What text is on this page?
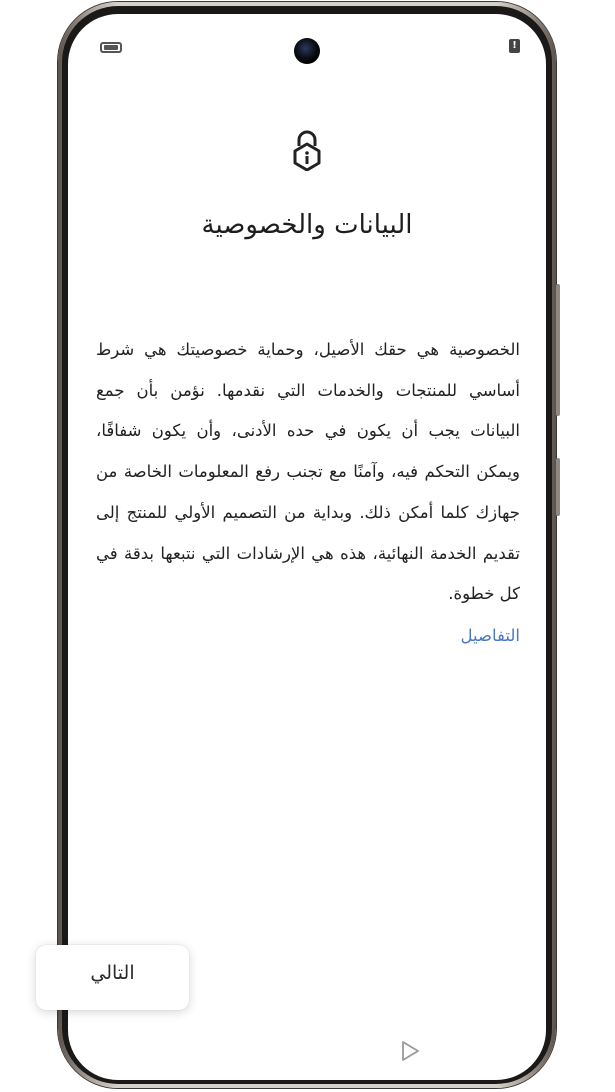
!
البيانات والخصوصية
الخصوصية هي حقك الأصيل، وحماية خصوصيتك هي شرط أساسي للمنتجات والخدمات التي نقدمها. نؤمن بأن جمع البيانات يجب أن يكون في حده الأدنى، وأن يكون شفافًا، ويمكن التحكم فيه، وآمنًا مع تجنب رفع المعلومات الخاصة من جهازك كلما أمكن ذلك. وبداية من التصميم الأولي للمنتج إلى تقديم الخدمة النهائية، هذه هي الإرشادات التي نتبعها بدقة في كل خطوة.
التفاصيل
التالي
